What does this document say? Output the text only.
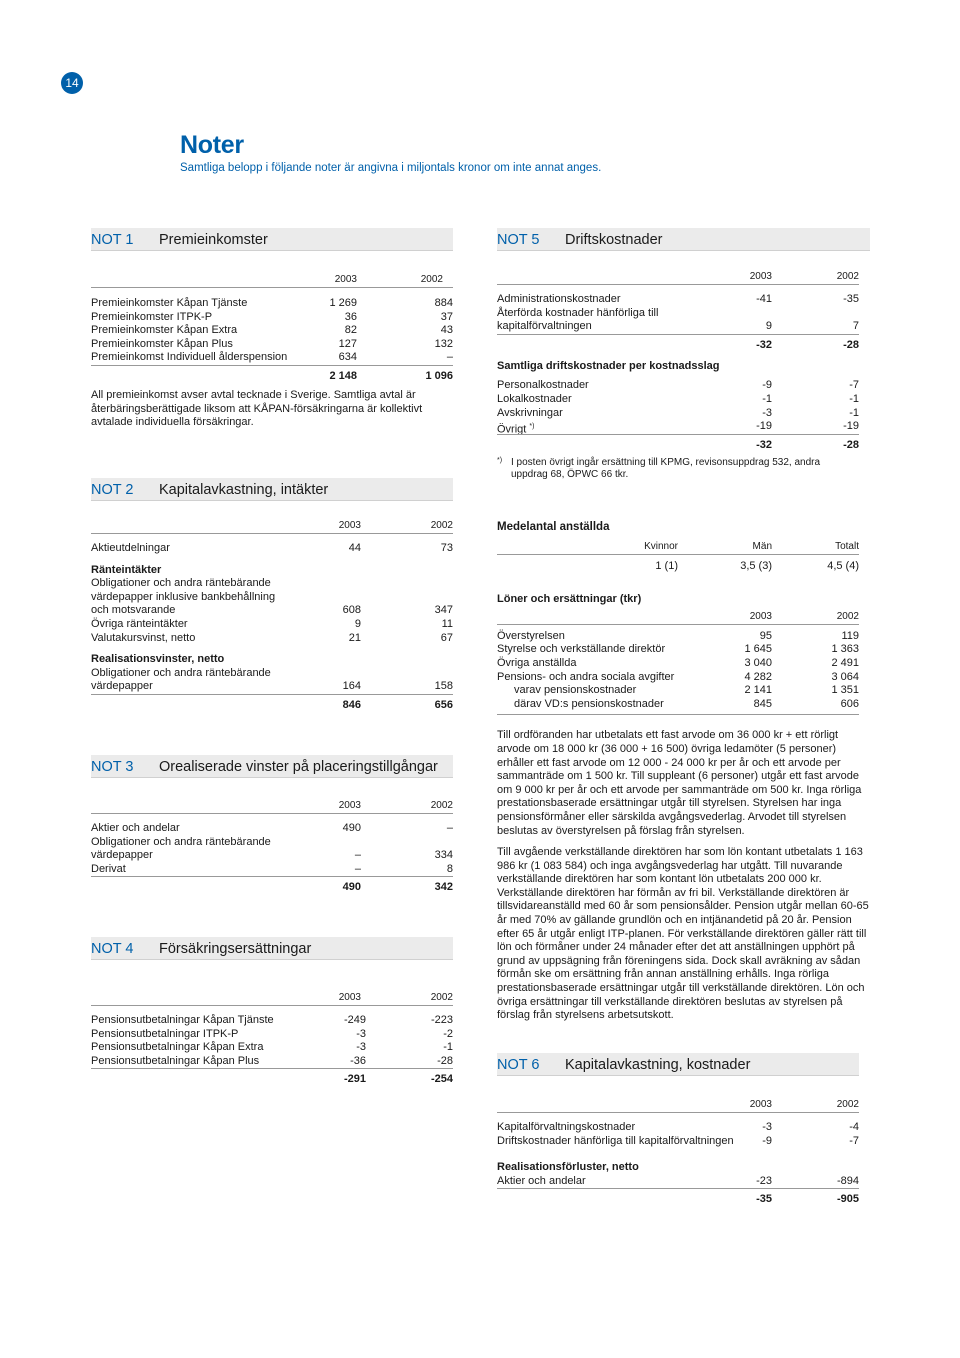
14
Noter
Samtliga belopp i följande noter är angivna i miljontals kronor om inte annat anges.
NOT 1 Premieinkomster
2003	2002
Premieinkomster Kåpan Tjänste	1 269	884
Premieinkomster ITPK-P	36	37
Premieinkomster Kåpan Extra	82	43
Premieinkomster Kåpan Plus	127	132
Premieinkomst Individuell ålderspension	634	–
2 148	1 096
All premieinkomst avser avtal tecknade i Sverige. Samtliga avtal är återbäringsberättigade liksom att KÅPAN-försäkringarna är kollektivt avtalade individuella försäkringar.
NOT 2 Kapitalavkastning, intäkter
2003	2002
Aktieutdelningar	44	73
Ränteintäkter
Obligationer och andra räntebärande
värdepapper inklusive bankbehållning
och motsvarande	608	347
Övriga ränteintäkter	9	11
Valutakursvinst, netto	21	67
Realisationsvinster, netto
Obligationer och andra räntebärande
värdepapper	164	158
846	656
NOT 3 Orealiserade vinster på placeringstillgångar
2003	2002
Aktier och andelar	490	–
Obligationer och andra räntebärande
värdepapper	–	334
Derivat	–	8
490	342
NOT 4 Försäkringsersättningar
2003	2002
Pensionsutbetalningar Kåpan Tjänste	-249	-223
Pensionsutbetalningar ITPK-P	-3	-2
Pensionsutbetalningar Kåpan Extra	-3	-1
Pensionsutbetalningar Kåpan Plus	-36	-28
-291	-254
NOT 5 Driftskostnader
2003	2002
Administrationskostnader	-41	-35
Återförda kostnader hänförliga till
kapitalförvaltningen	9	7
-32	-28
Samtliga driftskostnader per kostnadsslag
Personalkostnader	-9	-7
Lokalkostnader	-1	-1
Avskrivningar	-3	-1
Övrigt *)	-19	-19
-32	-28
*) I posten övrigt ingår ersättning till KPMG, revisonsuppdrag 532, andra uppdrag 68, ÖPWC 66 tkr.
Medelantal anställda
Kvinnor	Män	Totalt
1 (1)	3,5 (3)	4,5 (4)
Löner och ersättningar (tkr)
2003	2002
Överstyrelsen	95	119
Styrelse och verkställande direktör	1 645	1 363
Övriga anställda	3 040	2 491
Pensions- och andra sociala avgifter	4 282	3 064
varav pensionskostnader	2 141	1 351
därav VD:s pensionskostnader	845	606
Till ordföranden har utbetalats ett fast arvode om 36 000 kr + ett rörligt arvode om 18 000 kr (36 000 + 16 500) övriga ledamöter (5 personer) erhåller ett fast arvode om 12 000 - 24 000 kr per år och ett arvode per sammanträde om 1 500 kr. Till suppleant (6 personer) utgår ett fast arvode om 9 000 kr per år och ett arvode per sammanträde om 500 kr. Inga rörliga prestationsbaserade ersättningar utgår till styrelsen. Styrelsen har inga pensionsförmåner eller särskilda avgångsvederlag. Arvodet till styrelsen beslutas av överstyrelsen på förslag från styrelsen.
Till avgående verkställande direktören har som lön kontant utbetalats 1 163 986 kr (1 083 584) och inga avgångsvederlag har utgått. Till nuvarande verkställande direktören har som kontant lön utbetalats 200 000 kr. Verkställande direktören har förmån av fri bil. Verkställande direktören är tillsvidareanställd med 60 år som pensionsålder. Pension utgår mellan 60-65 år med 70% av gällande grundlön och en intjänandetid på 20 år. Pension efter 65 år utgår enligt ITP-planen. För verkställande direktören gäller rätt till lön och förmåner under 24 månader efter det att anställningen upphört på grund av uppsägning från föreningens sida. Dock skall avräkning av sådan förmån ske om ersättning från annan anställning erhålls. Inga rörliga prestationsbaserade ersättningar utgår till verkställande direktören. Lön och övriga ersättningar till verkställande direktören beslutas av styrelsen på förslag från styrelsens arbetsutskott.
NOT 6 Kapitalavkastning, kostnader
2003	2002
Kapitalförvaltningskostnader	-3	-4
Driftskostnader hänförliga till kapitalförvaltningen	-9	-7
Realisationsförluster, netto
Aktier och andelar	-23	-894
-35	-905
